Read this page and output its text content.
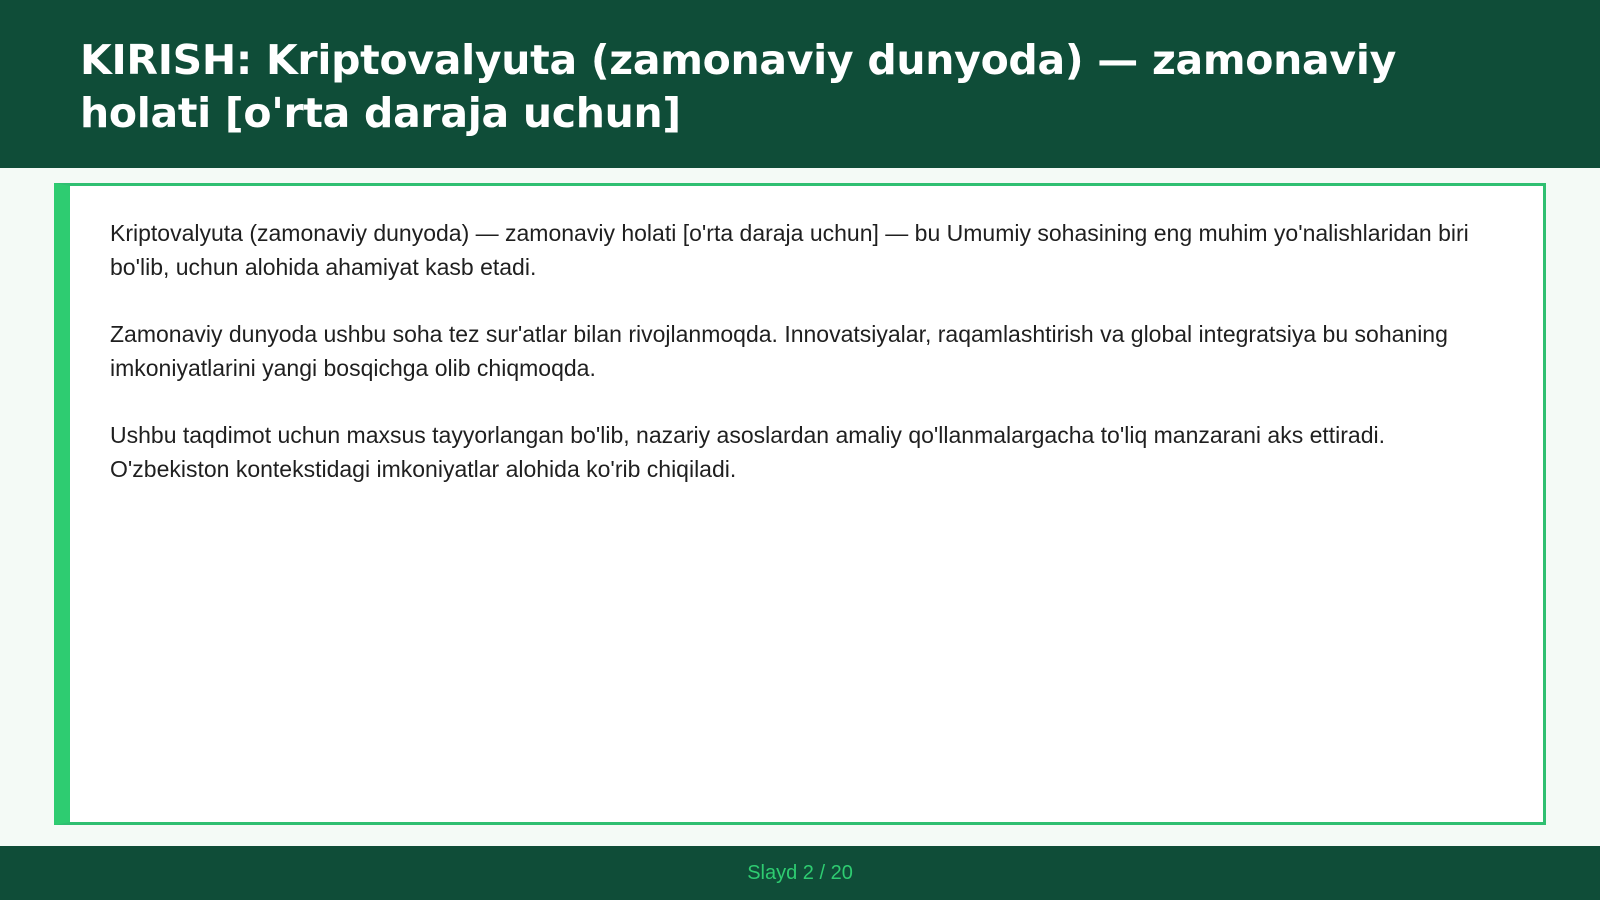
KIRISH: Kriptovalyuta (zamonaviy dunyoda) — zamonaviy holati [o'rta daraja uchun]

Kriptovalyuta (zamonaviy dunyoda) — zamonaviy holati [o'rta daraja uchun] — bu Umumiy sohasining eng muhim yo'nalishlaridan biri bo'lib, uchun alohida ahamiyat kasb etadi.

Zamonaviy dunyoda ushbu soha tez sur'atlar bilan rivojlanmoqda. Innovatsiyalar, raqamlashtirish va global integratsiya bu sohaning imkoniyatlarini yangi bosqichga olib chiqmoqda.

Ushbu taqdimot uchun maxsus tayyorlangan bo'lib, nazariy asoslardan amaliy qo'llanmalargacha to'liq manzarani aks ettiradi. O'zbekiston kontekstidagi imkoniyatlar alohida ko'rib chiqiladi.

Slayd 2 / 20
